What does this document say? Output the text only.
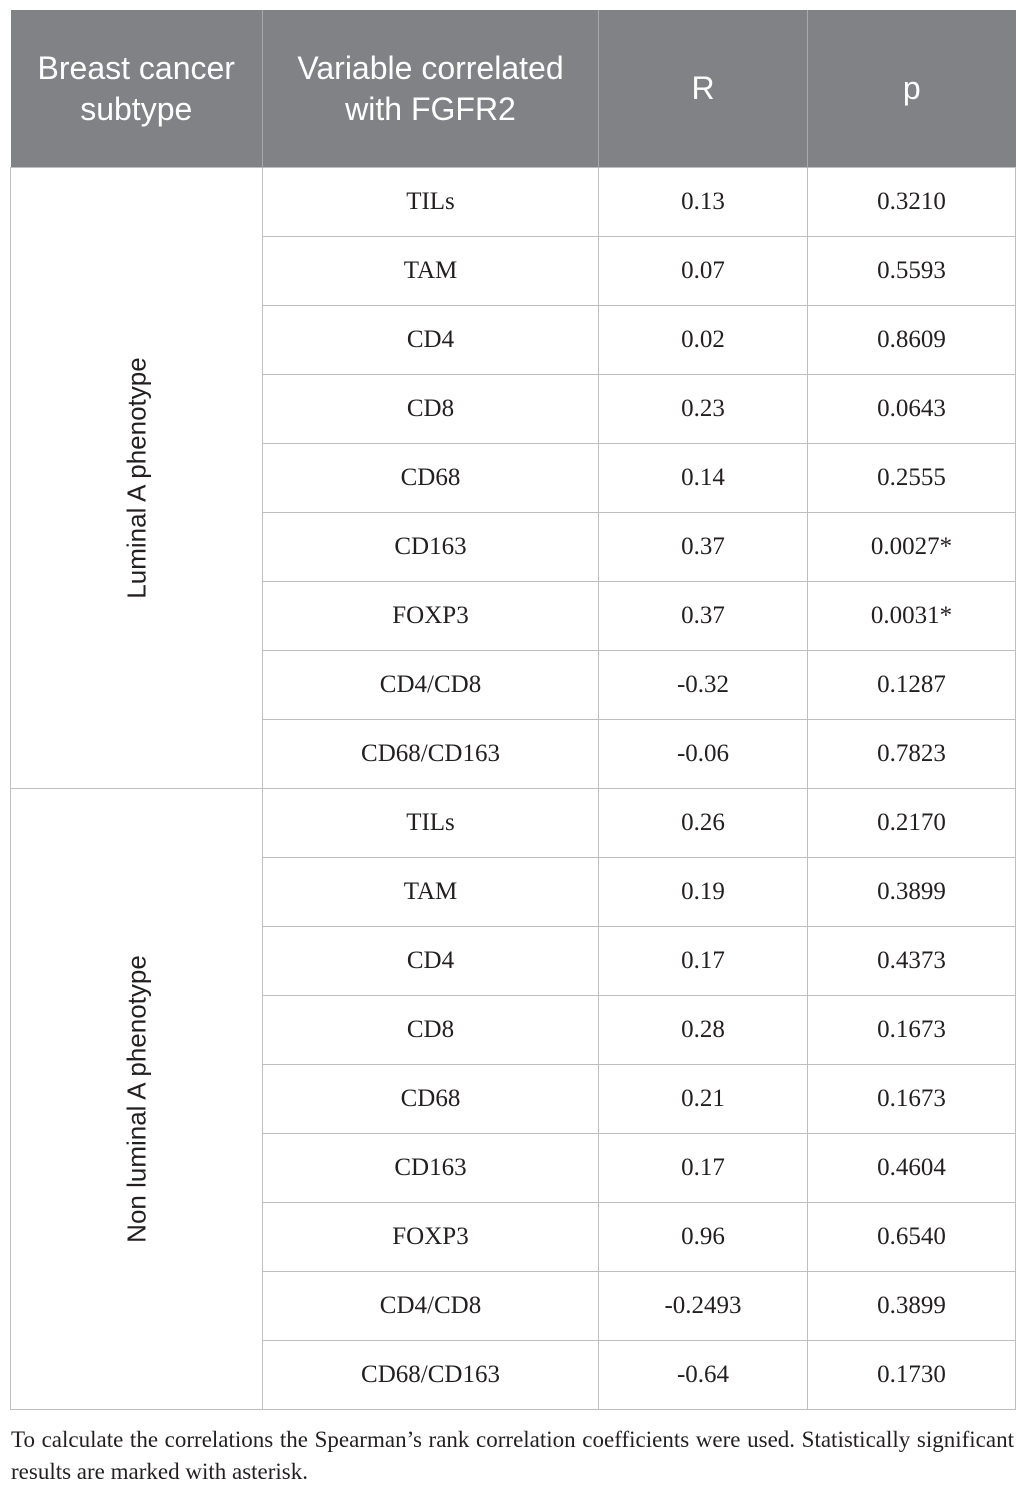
Breast cancer subtype	Variable correlated with FGFR2	R	p

Luminal A phenotype	TILs	0.13	0.3210
	TAM	0.07	0.5593
	CD4	0.02	0.8609
	CD8	0.23	0.0643
	CD68	0.14	0.2555
	CD163	0.37	0.0027*
	FOXP3	0.37	0.0031*
	CD4/CD8	-0.32	0.1287
	CD68/CD163	-0.06	0.7823

Non luminal A phenotype	TILs	0.26	0.2170
	TAM	0.19	0.3899
	CD4	0.17	0.4373
	CD8	0.28	0.1673
	CD68	0.21	0.1673
	CD163	0.17	0.4604
	FOXP3	0.96	0.6540
	CD4/CD8	-0.2493	0.3899
	CD68/CD163	-0.64	0.1730
To calculate the correlations the Spearman’s rank correlation coefficients were used. Statistically significant results are marked with asterisk.
